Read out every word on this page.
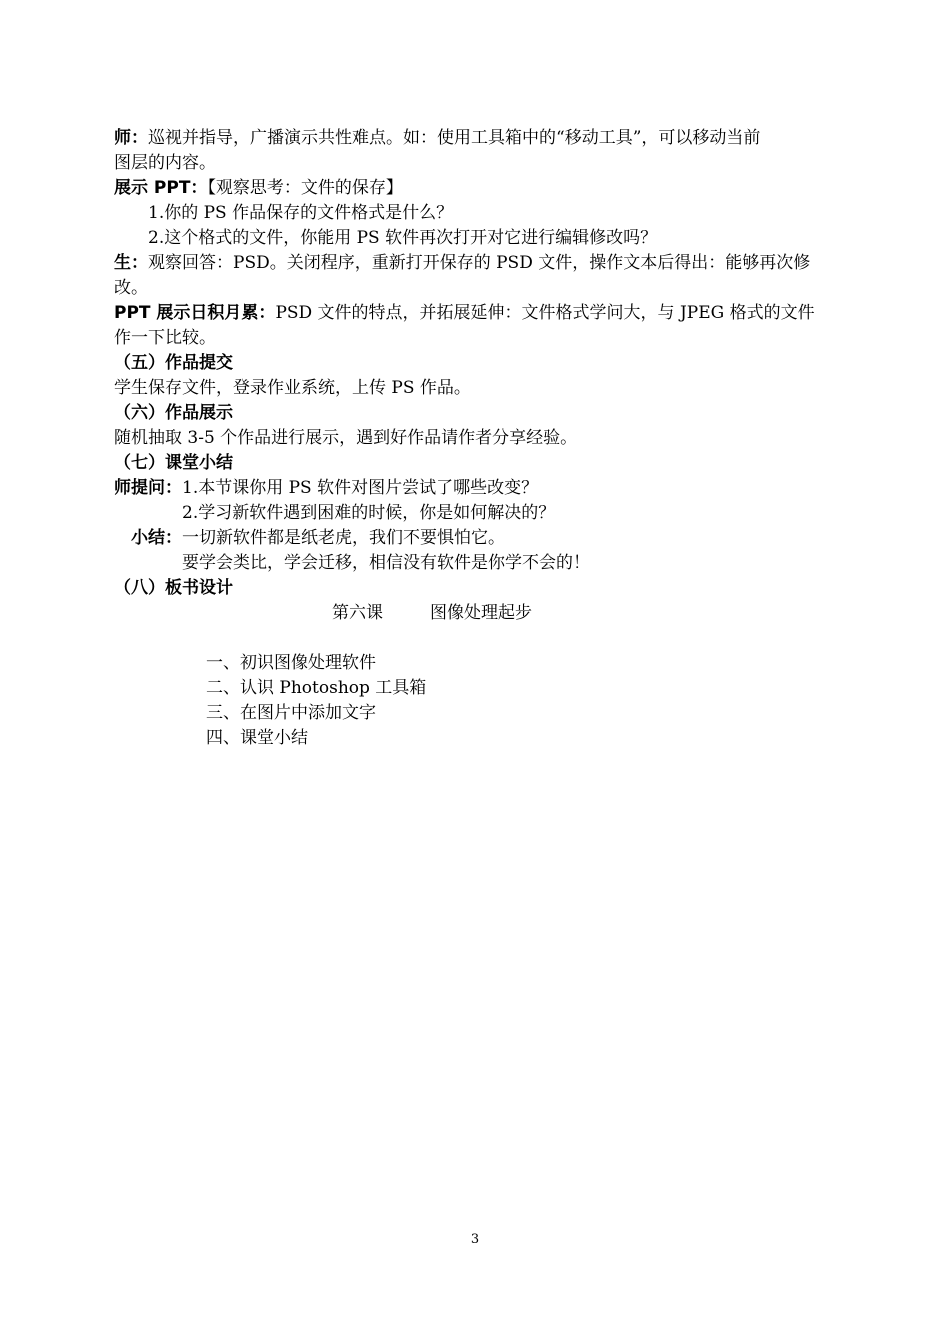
师：巡视并指导，广播演示共性难点。如：使用工具箱中的“移动工具”，可以移动当前
图层的内容。
展示 PPT：【观察思考：文件的保存】
1.你的 PS 作品保存的文件格式是什么？
2.这个格式的文件，你能用 PS 软件再次打开对它进行编辑修改吗？
生：观察回答：PSD。关闭程序，重新打开保存的 PSD 文件，操作文本后得出：能够再次修
改。
PPT 展示日积月累：PSD 文件的特点，并拓展延伸：文件格式学问大，与 JPEG 格式的文件
作一下比较。
（五）作品提交
学生保存文件，登录作业系统，上传 PS 作品。
（六）作品展示
随机抽取 3-5 个作品进行展示，遇到好作品请作者分享经验。
（七）课堂小结
师提问：1.本节课你用 PS 软件对图片尝试了哪些改变？
2.学习新软件遇到困难的时候，你是如何解决的？
小结：一切新软件都是纸老虎，我们不要惧怕它。
要学会类比，学会迁移，相信没有软件是你学不会的！
（八）板书设计
第六课	图像处理起步
一、初识图像处理软件
二、认识 Photoshop 工具箱
三、在图片中添加文字
四、课堂小结
3
